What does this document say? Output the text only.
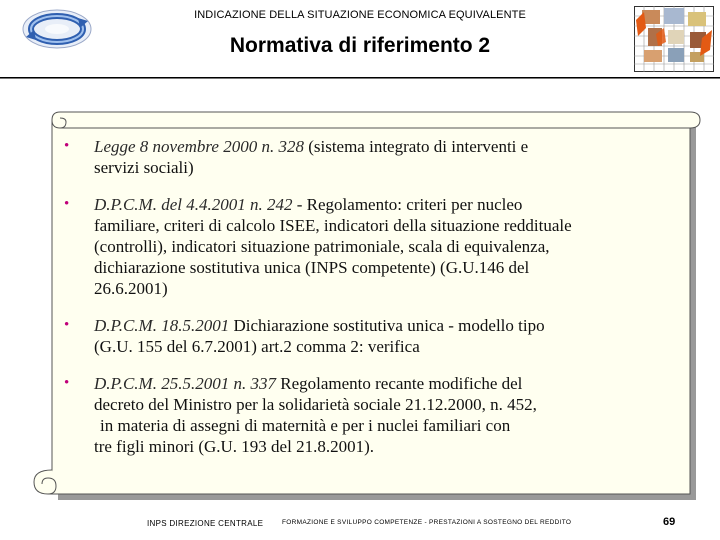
INDICAZIONE DELLA SITUAZIONE ECONOMICA EQUIVALENTE
Normativa di riferimento 2
• Legge 8 novembre 2000 n. 328 (sistema integrato di interventi e
servizi sociali)
• D.P.C.M. del 4.4.2001 n. 242 - Regolamento: criteri per nucleo
familiare, criteri di calcolo ISEE, indicatori della situazione reddituale
(controlli), indicatori situazione patrimoniale, scala di equivalenza,
dichiarazione sostitutiva unica (INPS competente) (G.U.146 del
26.6.2001)
• D.P.C.M. 18.5.2001 Dichiarazione sostitutiva unica - modello tipo
(G.U. 155 del 6.7.2001) art.2 comma 2: verifica
• D.P.C.M. 25.5.2001 n. 337 Regolamento recante modifiche del
decreto del Ministro per la solidarietà sociale 21.12.2000, n. 452,
in materia di assegni di maternità e per i nuclei familiari con
tre figli minori (G.U. 193 del 21.8.2001).
INPS DIREZIONE CENTRALE	FORMAZIONE E SVILUPPO COMPETENZE - PRESTAZIONI A SOSTEGNO DEL REDDITO	69
